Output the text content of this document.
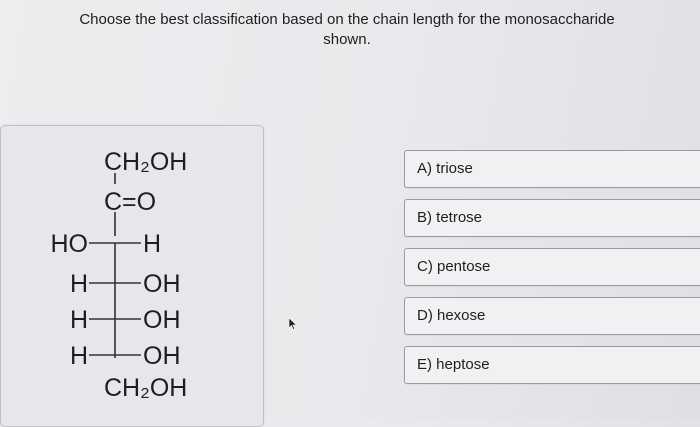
Choose the best classification based on the chain length for the monosaccharide
shown.
CH₂OH
C=O
HO H
H OH
H OH
H OH
CH₂OH
A) triose
B) tetrose
C) pentose
D) hexose
E) heptose
